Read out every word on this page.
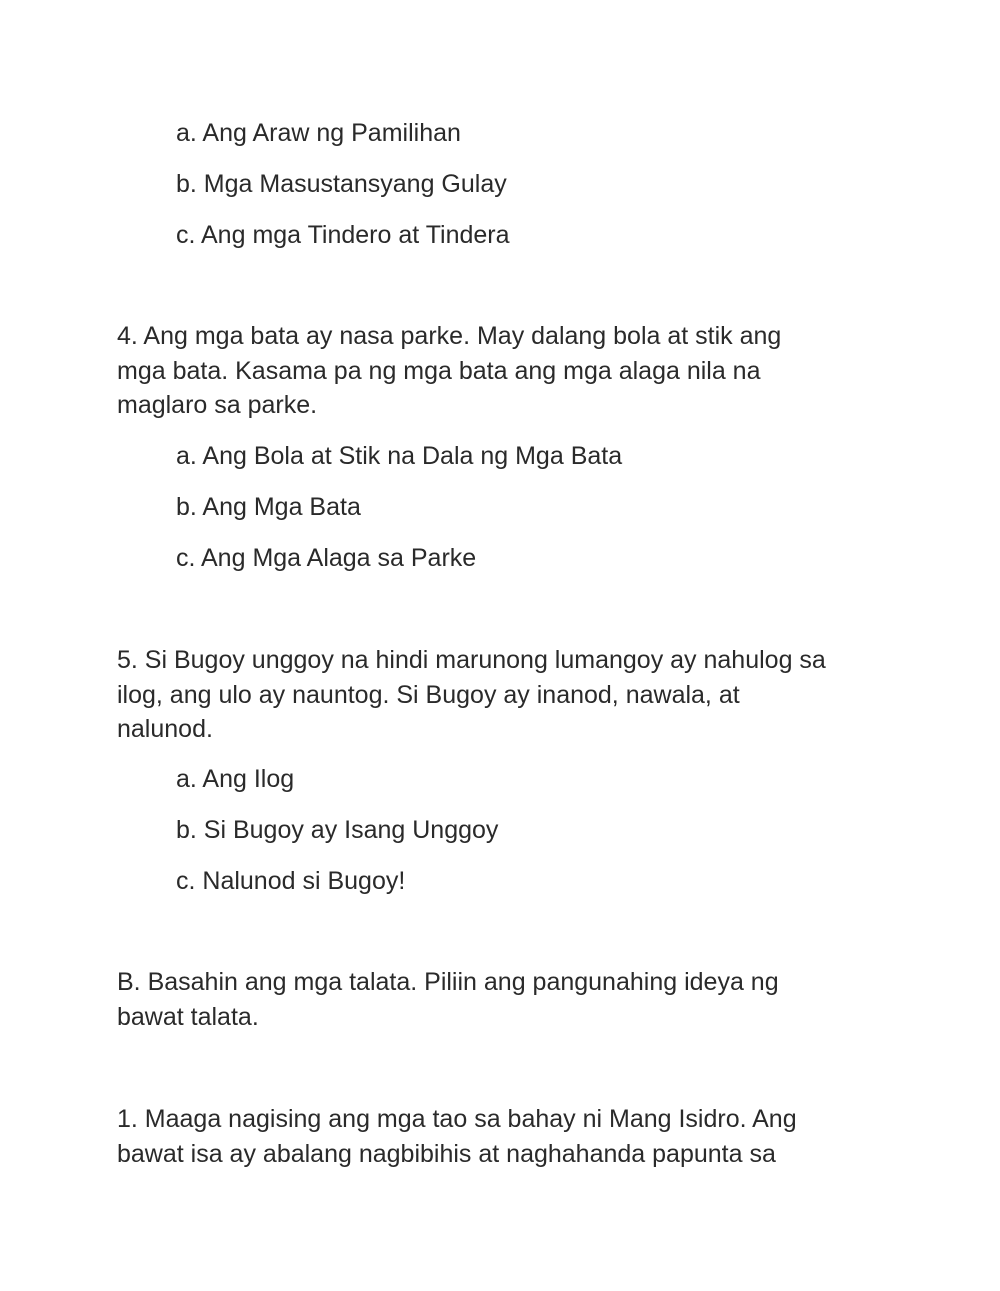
a. Ang Araw ng Pamilihan
b. Mga Masustansyang Gulay
c. Ang mga Tindero at Tindera

4. Ang mga bata ay nasa parke. May dalang bola at stik ang

mga bata. Kasama pa ng mga bata ang mga alaga nila na

maglaro sa parke.

a. Ang Bola at Stik na Dala ng Mga Bata
b. Ang Mga Bata
c. Ang Mga Alaga sa Parke

5. Si Bugoy unggoy na hindi marunong lumangoy ay nahulog sa

ilog, ang ulo ay nauntog. Si Bugoy ay inanod, nawala, at

nalunod.

a. Ang Ilog
b. Si Bugoy ay Isang Unggoy
c. Nalunod si Bugoy!

B. Basahin ang mga talata. Piliin ang pangunahing ideya ng

bawat talata.

1. Maaga nagising ang mga tao sa bahay ni Mang Isidro. Ang

bawat isa ay abalang nagbibihis at naghahanda papunta sa
